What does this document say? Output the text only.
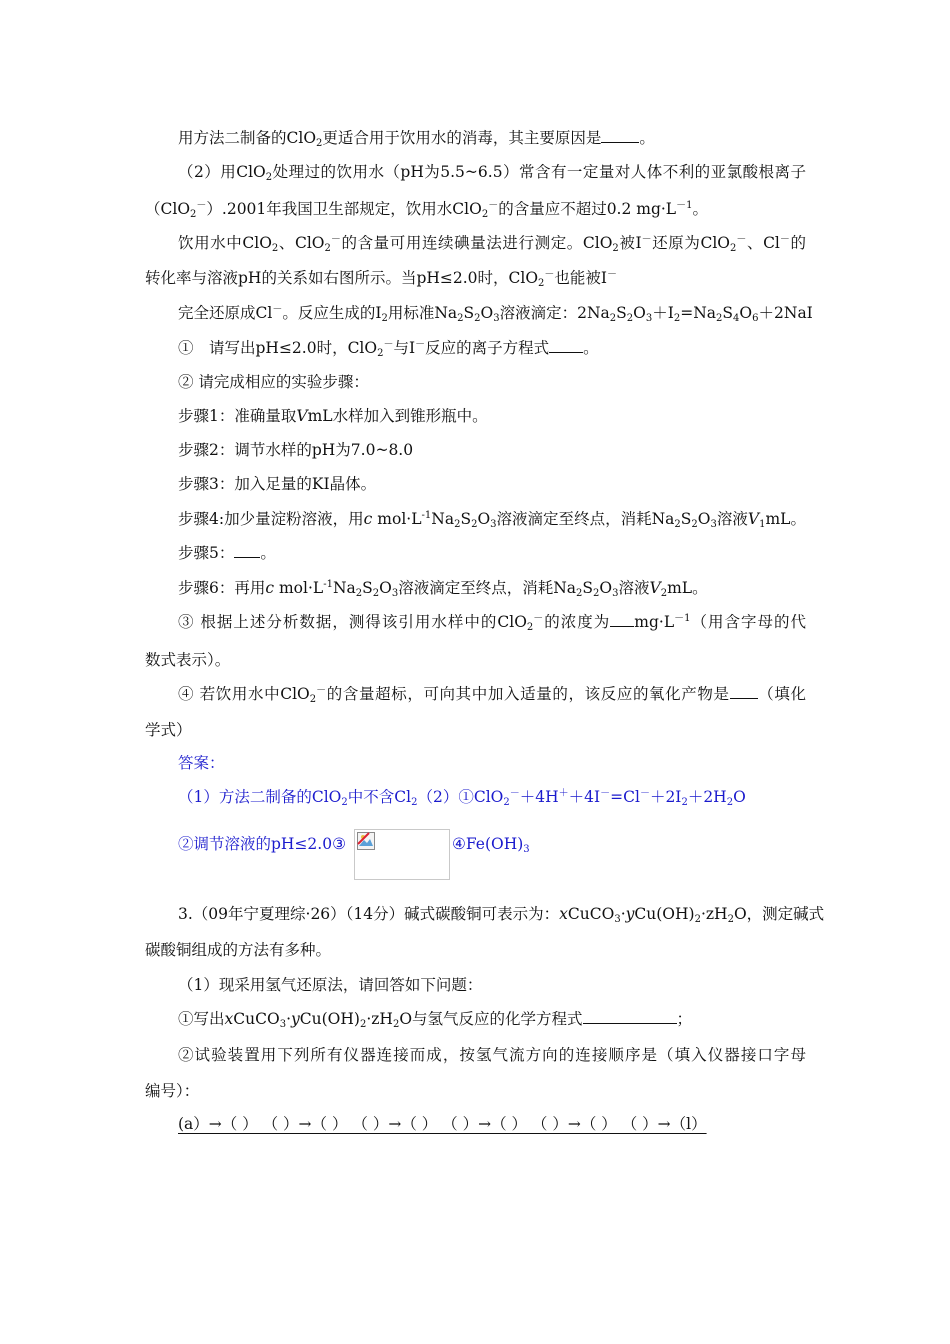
用方法二制备的ClO$_2$更适合用于饮用水的消毒，其主要原因是 。
（2）用ClO$_2$处理过的饮用水（pH为5.5~6.5）常含有一定量对人体不利的亚氯酸根离子
（ClO$_2$－）.2001年我国卫生部规定，饮用水ClO$_2$－的含量应不超过0.2 $mg\cdot L^{-1}$。
饮用水中ClO$_2$、ClO$_2$－的含量可用连续碘量法进行测定。ClO$_2$被I－还原为ClO$_2$－、Cl－的
转化率与溶液pH的关系如右图所示。当pH≤2.0时，ClO$_2$－也能被I－
完全还原成Cl－。反应生成的$I_2$用标准$Na_2S_2O_3$溶液滴定：$2Na_2S_2O_3+I_2=Na_2S_4O_6+2NaI$
①　请写出pH≤2.0时，ClO$_2$－与I－反应的离子方程式 。
② 请完成相应的实验步骤：
步骤1：准确量取VmL水样加入到锥形瓶中。
步骤2：调节水样的pH为7.0~8.0
步骤3：加入足量的KI晶体。
步骤4:加少量淀粉溶液，用c $mol\cdot L^{-1}Na_2S_2O_3$溶液滴定至终点，消耗$Na_2S_2O_3$溶液$V_1mL$。
步骤5： 。
步骤6：再用c $mol\cdot L^{-1}Na_2S_2O_3$溶液滴定至终点，消耗$Na_2S_2O_3$溶液$V_2mL$。
③ 根据上述分析数据，测得该引用水样中的ClO$_2$－的浓度为 $mg\cdot L^{-1}$（用含字母的代
数式表示）。
④ 若饮用水中ClO$_2$－的含量超标，可向其中加入适量的，该反应的氧化产物是 （填化
学式）
答案：
（1）方法二制备的ClO$_2$中不含$Cl_2(2)①ClO_2^-+4H^++4I^-=Cl^-+2I_2+2H_2O$
②调节溶液的pH≤2.0③	$④Fe(OH)_3$
3.（09年宁夏理综·26）（14分）碱式碳酸铜可表示为：$xCuCO_3\cdot yCu(OH)_2\cdot zH_2O$，测定碱式
碳酸铜组成的方法有多种。
（1）现采用氢气还原法，请回答如下问题：
①写出$xCuCO_3\cdot yCu(OH)_2\cdot zH_2O$与氢气反应的化学方程式	；
②试验装置用下列所有仪器连接而成，按氢气流方向的连接顺序是（填入仪器接口字母
编号）：
(a）→（ ） （ ）→（ ） （ ）→（ ） （ ）→（ ） （ ）→（ ） （ ）→（l）
